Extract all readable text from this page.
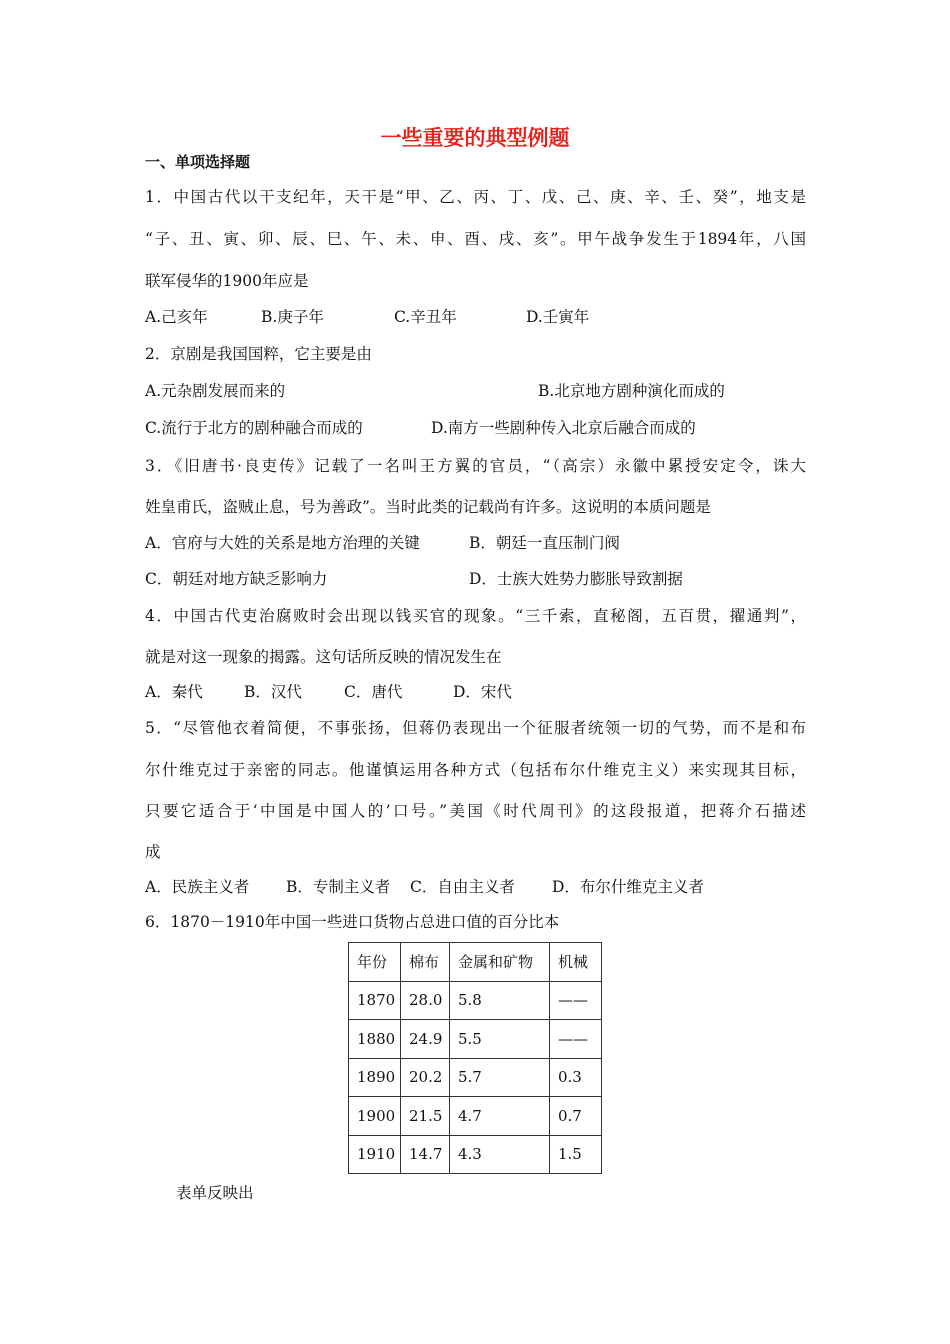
一些重要的典型例题
一、单项选择题
1．中国古代以干支纪年，天干是“甲、乙、丙、丁、戊、己、庚、辛、壬、癸”，地支是
“子、丑、寅、卯、辰、巳、午、未、申、酉、戌、亥”。甲午战争发生于1894年，八国
联军侵华的1900年应是
A.己亥年	B.庚子年	C.辛丑年	D.壬寅年
2．京剧是我国国粹，它主要是由
A.元杂剧发展而来的	B.北京地方剧种演化而成的
C.流行于北方的剧种融合而成的	D.南方一些剧种传入北京后融合而成的
3．《旧唐书·良吏传》记载了一名叫王方翼的官员，“（高宗）永徽中累授安定令，诛大
姓皇甫氏，盗贼止息，号为善政”。当时此类的记载尚有许多。这说明的本质问题是
A．官府与大姓的关系是地方治理的关键	B．朝廷一直压制门阀
C．朝廷对地方缺乏影响力	D．士族大姓势力膨胀导致割据
4．中国古代吏治腐败时会出现以钱买官的现象。“三千索，直秘阁，五百贯，擢通判”，
就是对这一现象的揭露。这句话所反映的情况发生在
A．秦代	B．汉代	C．唐代	D．宋代
5．“尽管他衣着简便，不事张扬，但蒋仍表现出一个征服者统领一切的气势，而不是和布
尔什维克过于亲密的同志。他谨慎运用各种方式（包括布尔什维克主义）来实现其目标，
只要它适合于‘中国是中国人的’口号。”美国《时代周刊》的这段报道，把蒋介石描述
成
A．民族主义者 B．专制主义者 C．自由主义者 D．布尔什维克主义者
6．1870－1910年中国一些进口货物占总进口值的百分比本
年份	棉布	金属和矿物	机械
1870	28.0	5.8	——
1880	24.9	5.5	——
1890	20.2	5.7	0.3
1900	21.5	4.7	0.7
1910	14.7	4.3	1.5
表单反映出
